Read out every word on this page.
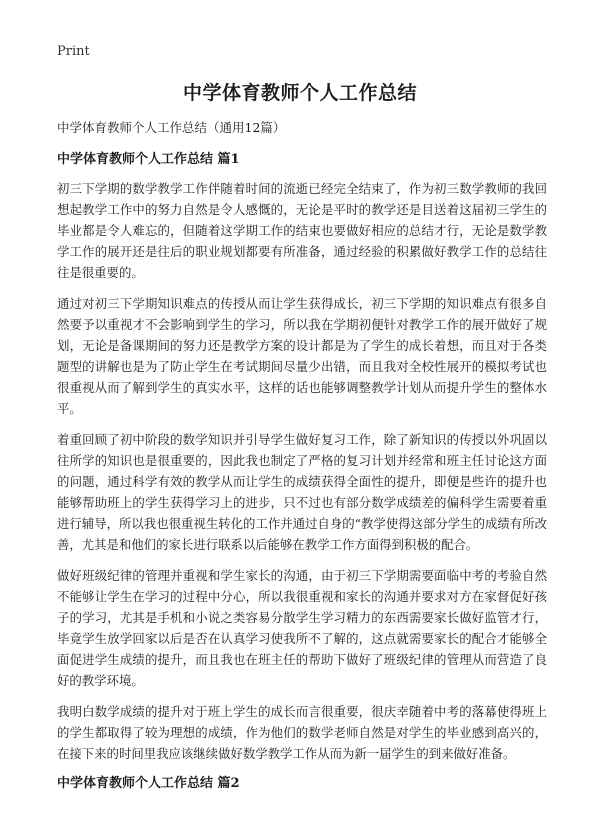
Print
中学体育教师个人工作总结

中学体育教师个人工作总结（通用12篇）

中学体育教师个人工作总结 篇1

初三下学期的数学教学工作伴随着时间的流逝已经完全结束了，作为初三数学教师的我回想起教学工作中的努力自然是令人感慨的，无论是平时的教学还是目送着这届初三学生的毕业都是令人难忘的，但随着这学期工作的结束也要做好相应的总结才行，无论是数学教学工作的展开还是往后的职业规划都要有所准备，通过经验的积累做好教学工作的总结往往是很重要的。

通过对初三下学期知识难点的传授从而让学生获得成长，初三下学期的知识难点有很多自然要予以重视才不会影响到学生的学习，所以我在学期初便针对教学工作的展开做好了规划，无论是备课期间的努力还是教学方案的设计都是为了学生的成长着想，而且对于各类题型的讲解也是为了防止学生在考试期间尽量少出错，而且我对全校性展开的模拟考试也很重视从而了解到学生的真实水平，这样的话也能够调整教学计划从而提升学生的整体水平。

着重回顾了初中阶段的数学知识并引导学生做好复习工作，除了新知识的传授以外巩固以往所学的知识也是很重要的，因此我也制定了严格的复习计划并经常和班主任讨论这方面的问题，通过科学有效的教学从而让学生的成绩获得全面性的提升，即便是些许的提升也能够帮助班上的学生获得学习上的进步，只不过也有部分数学成绩差的偏科学生需要着重进行辅导，所以我也很重视生转化的工作并通过自身的“教学使得这部分学生的成绩有所改善，尤其是和他们的家长进行联系以后能够在教学工作方面得到积极的配合。

做好班级纪律的管理并重视和学生家长的沟通，由于初三下学期需要面临中考的考验自然不能够让学生在学习的过程中分心，所以我很重视和家长的沟通并要求对方在家督促好孩子的学习，尤其是手机和小说之类容易分散学生学习精力的东西需要家长做好监管才行，毕竟学生放学回家以后是否在认真学习使我所不了解的，这点就需要家长的配合才能够全面促进学生成绩的提升，而且我也在班主任的帮助下做好了班级纪律的管理从而营造了良好的教学环境。

我明白数学成绩的提升对于班上学生的成长而言很重要，很庆幸随着中考的落幕使得班上的学生都取得了较为理想的成绩，作为他们的数学老师自然是对学生的毕业感到高兴的，在接下来的时间里我应该继续做好数学教学工作从而为新一届学生的到来做好准备。

中学体育教师个人工作总结 篇2
